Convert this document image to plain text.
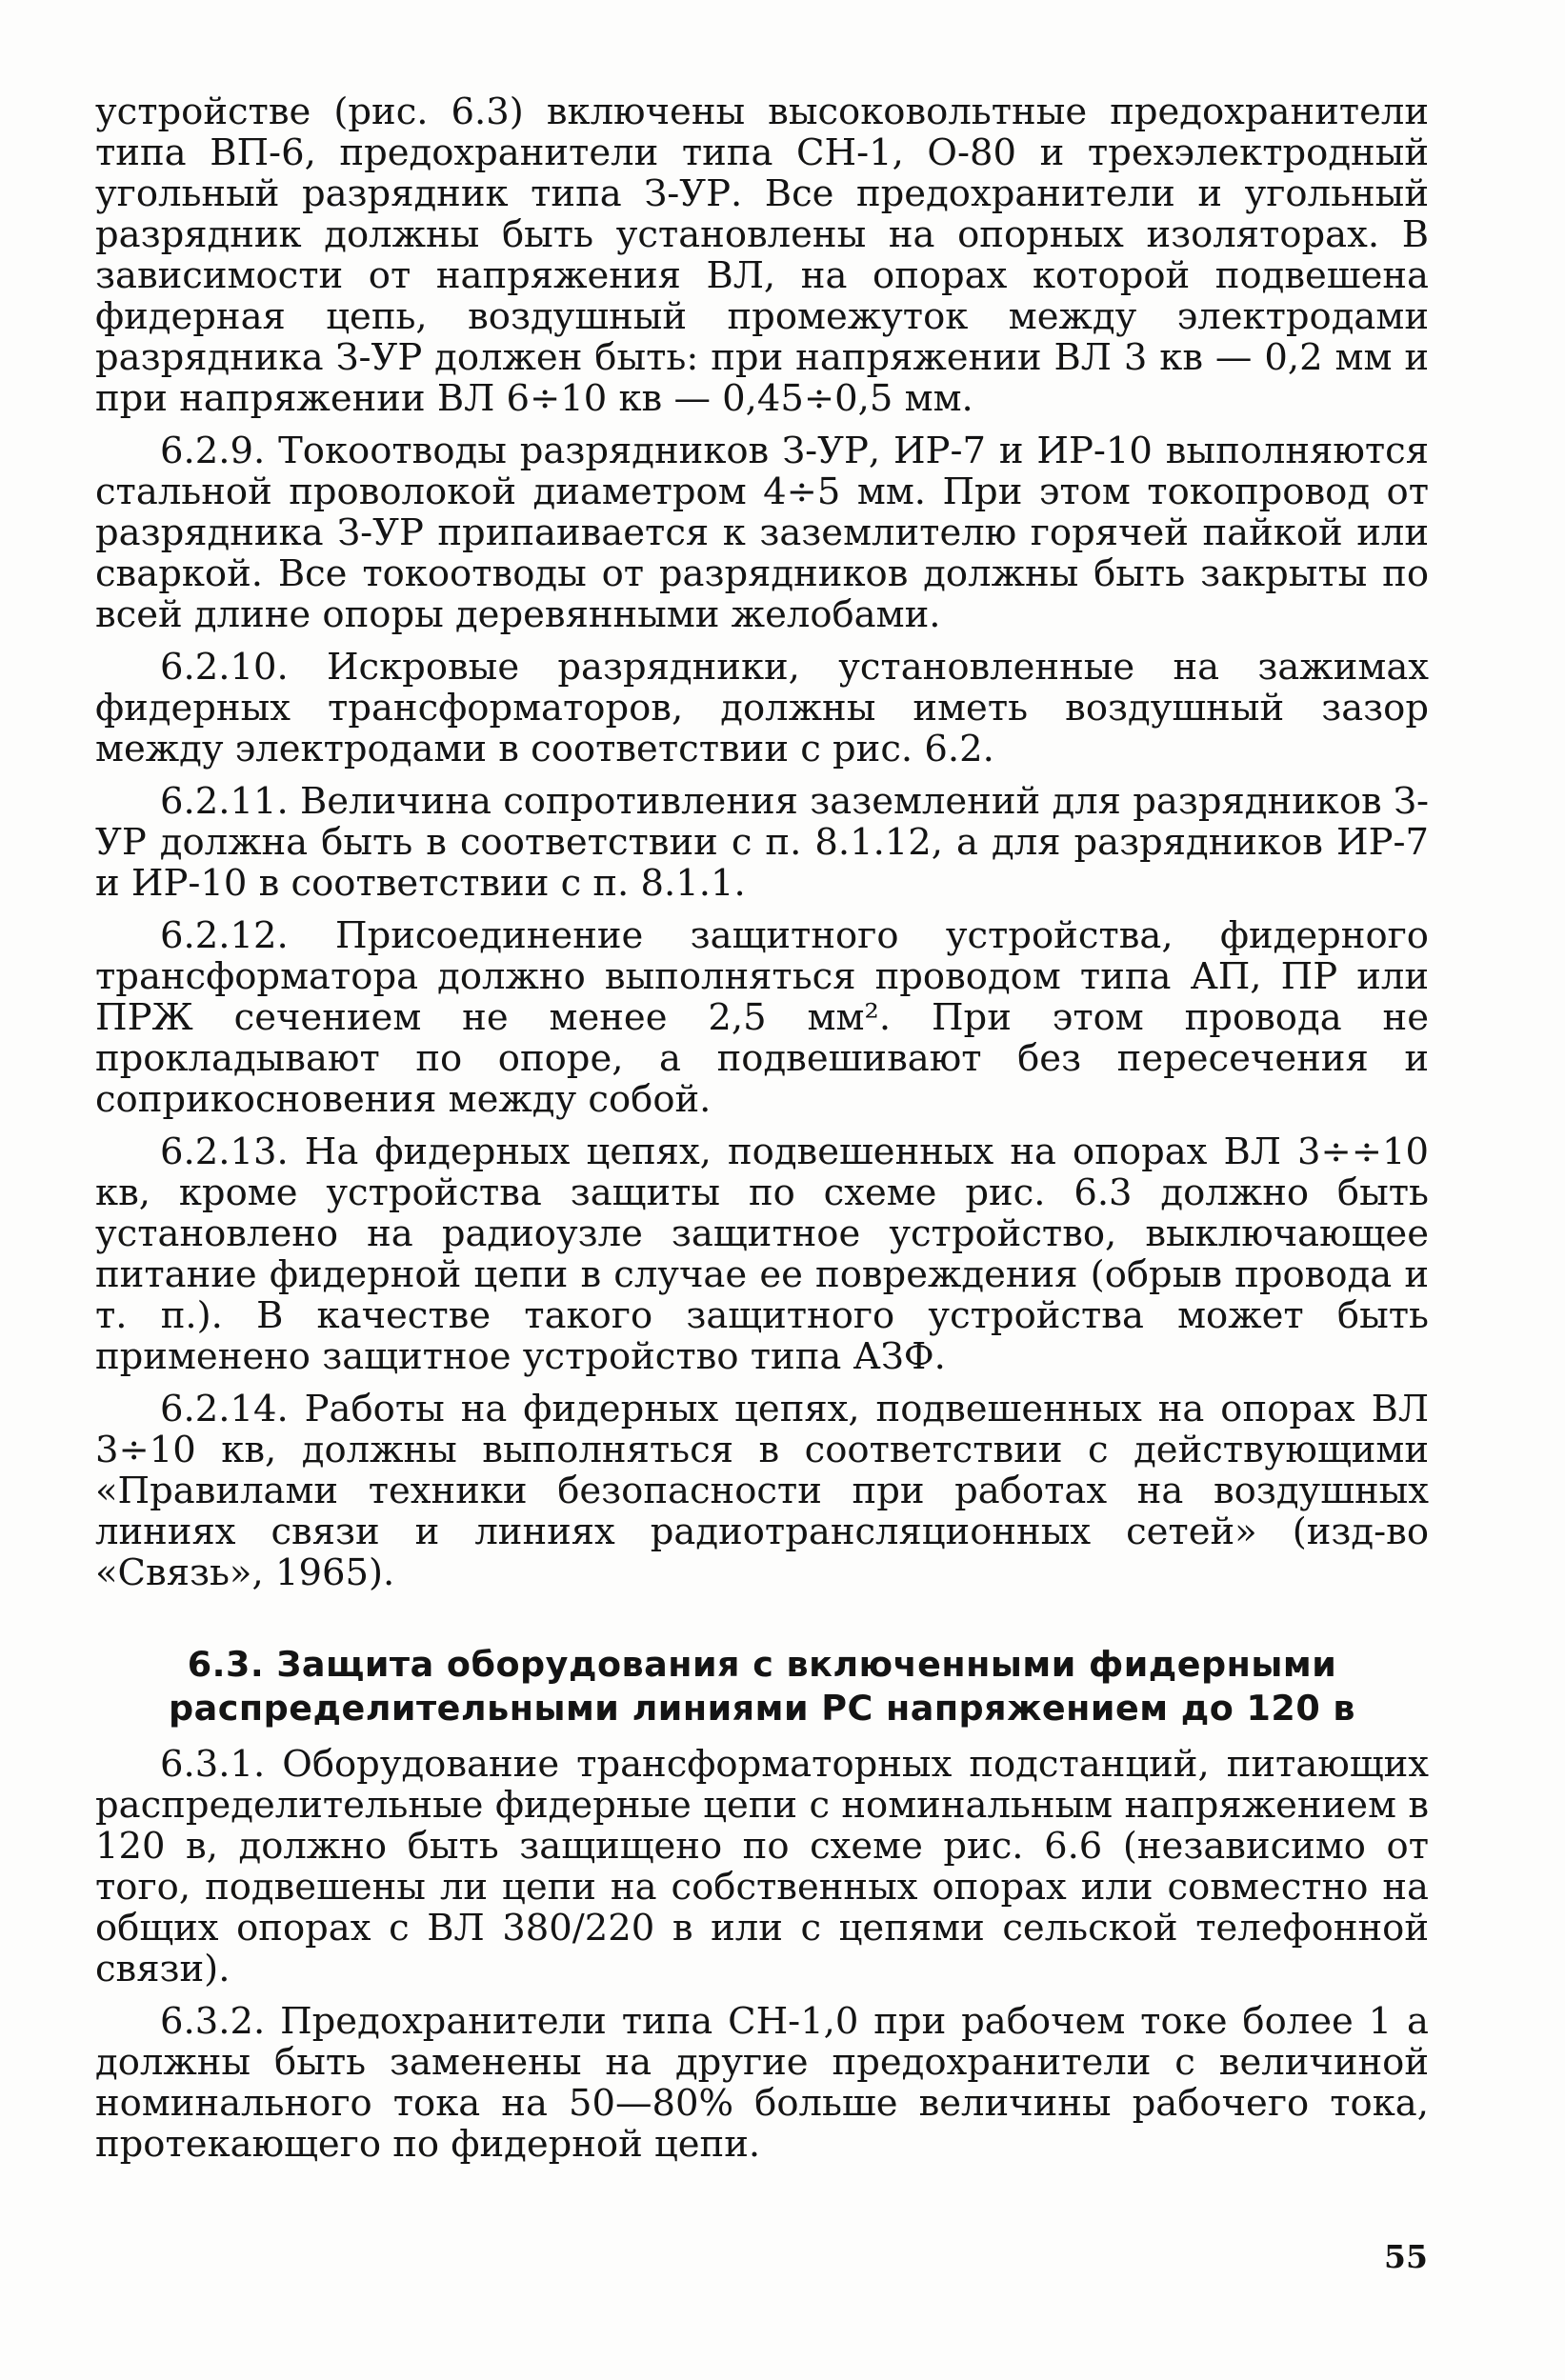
устройстве (рис. 6.3) включены высоковольтные предохранители типа ВП-6, предохранители типа СН-1, О-80 и трехэлектродный угольный разрядник типа З-УР. Все предохранители и угольный разрядник должны быть установлены на опорных изоляторах. В зависимости от напряжения ВЛ, на опорах которой подвешена фидерная цепь, воздушный промежуток между электродами разрядника З-УР должен быть: при напряжении ВЛ 3 кв — 0,2 мм и при напряжении ВЛ 6÷10 кв — 0,45÷0,5 мм.

6.2.9. Токоотводы разрядников З-УР, ИР-7 и ИР-10 выполняются стальной проволокой диаметром 4÷5 мм. При этом токопровод от разрядника З-УР припаивается к заземлителю горячей пайкой или сваркой. Все токоотводы от разрядников должны быть закрыты по всей длине опоры деревянными желобами.

6.2.10. Искровые разрядники, установленные на зажимах фидерных трансформаторов, должны иметь воздушный зазор между электродами в соответствии с рис. 6.2.

6.2.11. Величина сопротивления заземлений для разрядников З-УР должна быть в соответствии с п. 8.1.12, а для разрядников ИР-7 и ИР-10 в соответствии с п. 8.1.1.

6.2.12. Присоединение защитного устройства, фидерного трансформатора должно выполняться проводом типа АП, ПР или ПРЖ сечением не менее 2,5 мм². При этом провода не прокладывают по опоре, а подвешивают без пересечения и соприкосновения между собой.

6.2.13. На фидерных цепях, подвешенных на опорах ВЛ 3÷÷10 кв, кроме устройства защиты по схеме рис. 6.3 должно быть установлено на радиоузле защитное устройство, выключающее питание фидерной цепи в случае ее повреждения (обрыв провода и т. п.). В качестве такого защитного устройства может быть применено защитное устройство типа АЗФ.

6.2.14. Работы на фидерных цепях, подвешенных на опорах ВЛ 3÷10 кв, должны выполняться в соответствии с действующими «Правилами техники безопасности при работах на воздушных линиях связи и линиях радиотрансляционных сетей» (изд-во «Связь», 1965).

6.3. Защита оборудования с включенными фидерными
распределительными линиями РС напряжением до 120 в

6.3.1. Оборудование трансформаторных подстанций, питающих распределительные фидерные цепи с номинальным напряжением в 120 в, должно быть защищено по схеме рис. 6.6 (независимо от того, подвешены ли цепи на собственных опорах или совместно на общих опорах с ВЛ 380/220 в или с цепями сельской телефонной связи).

6.3.2. Предохранители типа СН-1,0 при рабочем токе более 1 а должны быть заменены на другие предохранители с величиной номинального тока на 50—80% больше величины рабочего тока, протекающего по фидерной цепи.

55
